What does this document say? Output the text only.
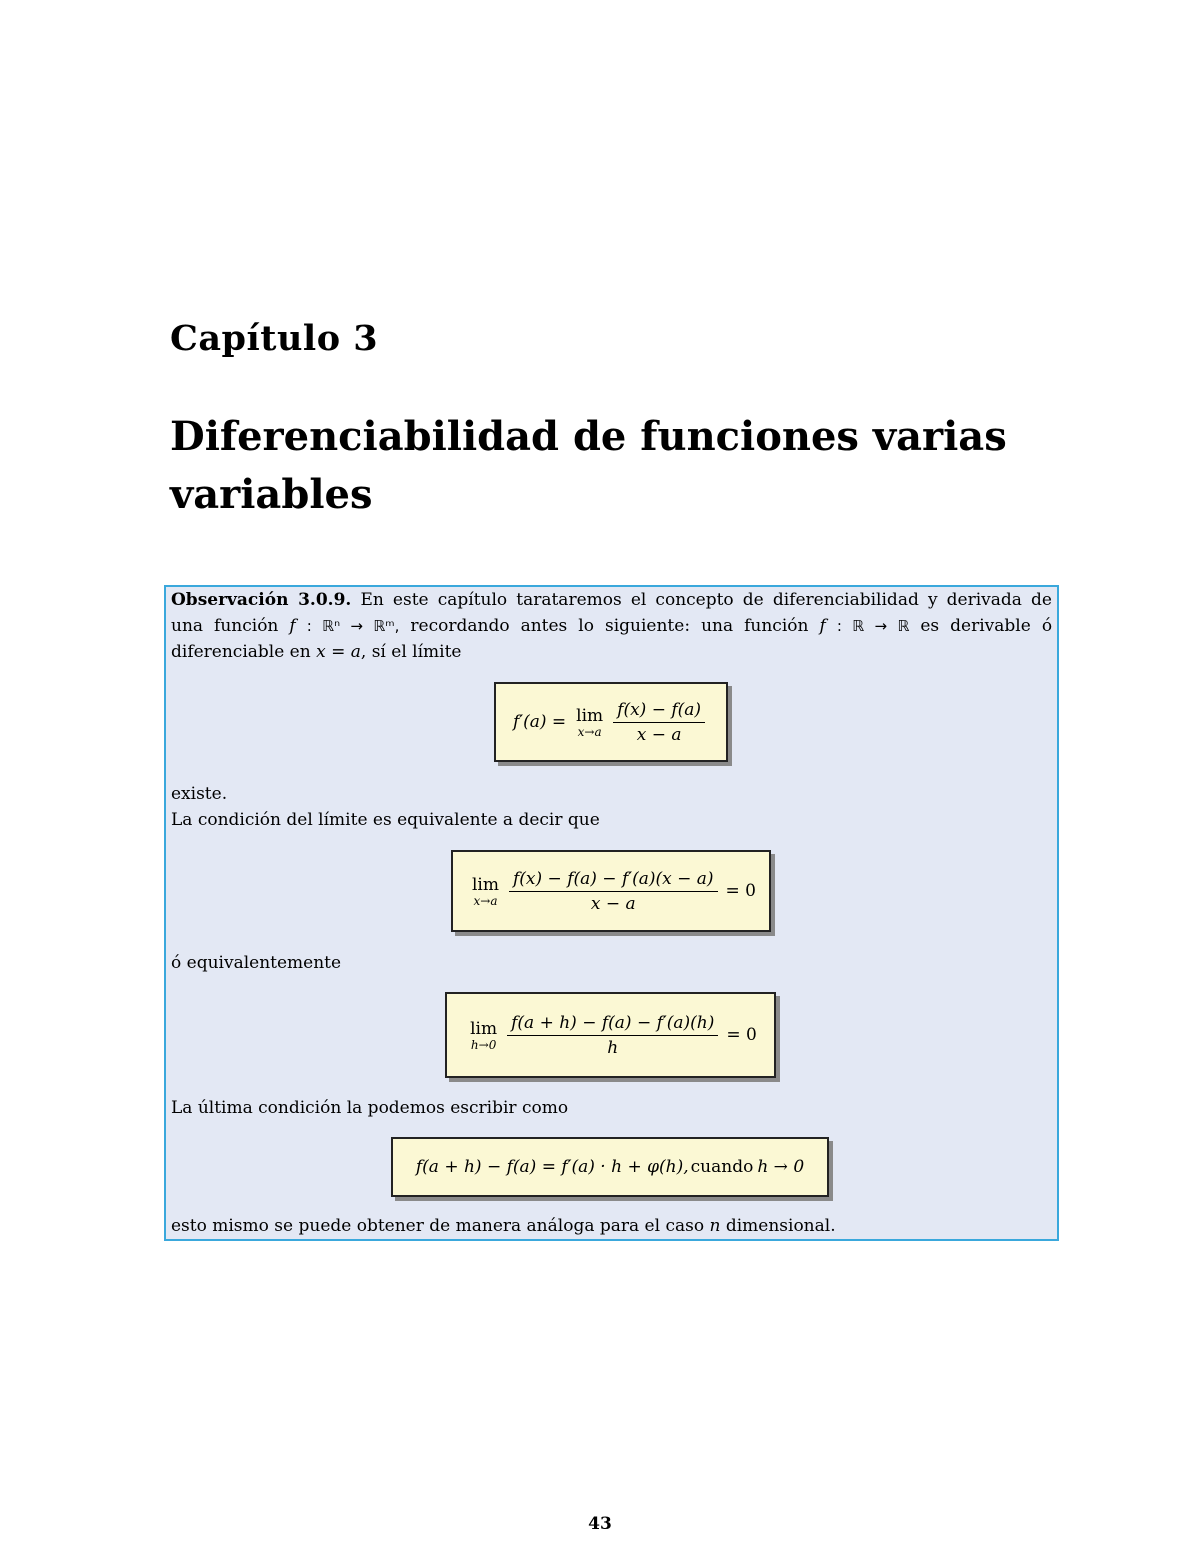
Capítulo 3
Diferenciabilidad de funciones varias variables
Observación 3.0.9. En este capítulo tarataremos el concepto de diferenciabilidad y derivada de
una función f : ℝⁿ → ℝᵐ, recordando antes lo siguiente: una función f : ℝ → ℝ es derivable ó
diferenciable en x = a, sí el límite
f′(a) = lim
$x\to a \frac{f(x) - f(a)}{x - a}$
existe.
La condición del límite es equivalente a decir que
lim
$x\to a \frac{f(x) - f(a) - f'(a)(x - a)}{x - a} = 0$
ó equivalentemente
lim
$h\to 0 \frac{f(a + h) - f(a) - f'(a)(h)}{h} = 0$
La última condición la podemos escribir como
f(a + h) − f(a) = f′(a) · h + φ(h), cuando h → 0
esto mismo se puede obtener de manera análoga para el caso n dimensional.
43
